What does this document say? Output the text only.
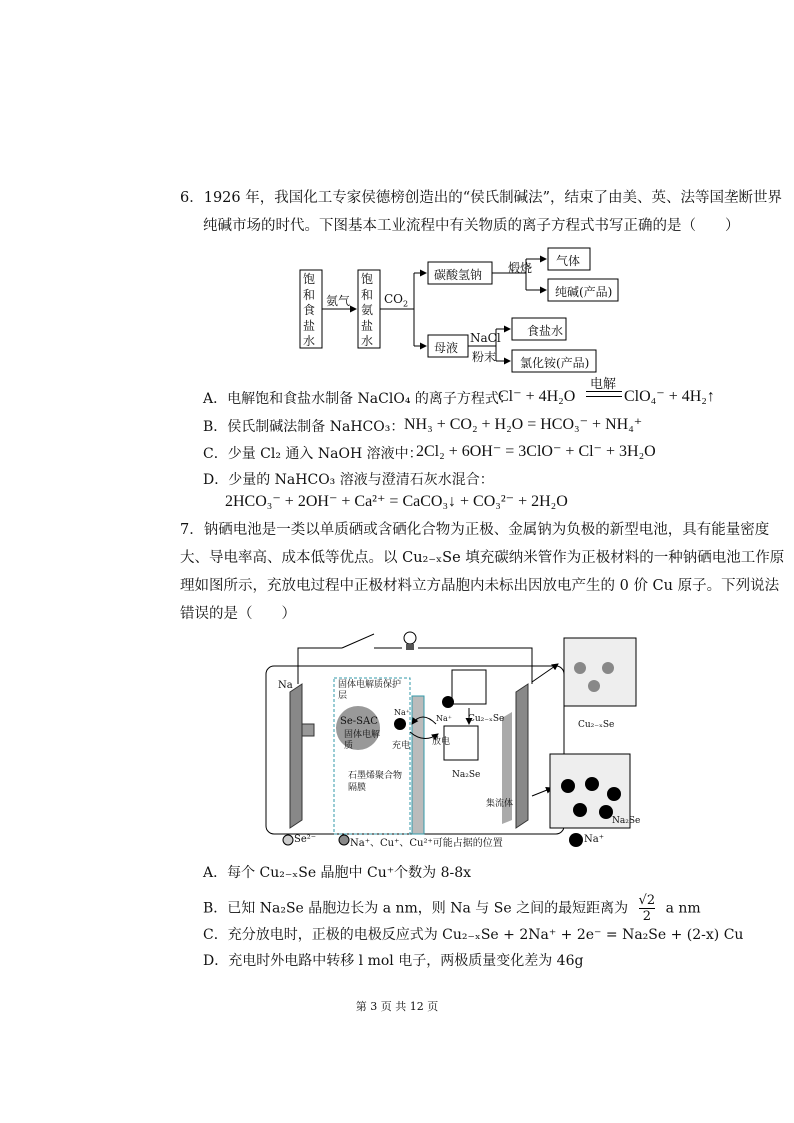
6．1926 年，我国化工专家侯德榜创造出的“侯氏制碱法”，结束了由美、英、法等国垄断世界
纯碱市场的时代。下图基本工业流程中有关物质的离子方程式书写正确的是（　　）
饱和食盐水
饱和氨盐水
氨气	$CO_2$
碳酸氢钠 煅烧 气体
纯碱(产品)
母液
NaCl
粉末
食盐水
氯化铵(产品)
A．电解饱和食盐水制备 NaClO₄ 的离子方程式：
Cl⁻ + 4H₂O
电解
ClO₄⁻ + 4H₂↑
B．侯氏制碱法制备 NaHCO₃： NH₃ + CO₂ + H₂O = HCO₃⁻ + NH₄⁺
C．少量 Cl₂ 通入 NaOH 溶液中：
2Cl₂ + 6OH⁻ = 3ClO⁻ + Cl⁻ + 3H₂O
D．少量的 NaHCO₃ 溶液与澄清石灰水混合：
2HCO₃⁻ + 2OH⁻ + Ca²⁺ = CaCO₃↓ + CO₃²⁻ + 2H₂O
7．钠硒电池是一类以单质硒或含硒化合物为正极、金属钠为负极的新型电池，具有能量密度
大、导电率高、成本低等优点。以 Cu₂₋ₓSe 填充碳纳米管作为正极材料的一种钠硒电池工作原
理如图所示，充放电过程中正极材料立方晶胞内未标出因放电产生的 0 价 Cu 原子。下列说法
错误的是（　　）
Na	固体电解质保护层
Se-SAC
固体电解质
Na⁺
Na⁺ Cu₂₋ₓSe
充电 放电
石墨烯聚合物隔膜
Na₂Se
集流体
Cu₂₋ₓSe
Na₂Se
Se²⁻	Na⁺、Cu⁺、Cu²⁺可能占据的位置	Na⁺
A．每个 Cu₂₋ₓSe 晶胞中 Cu⁺个数为 8-8x
B．已知 Na₂Se 晶胞边长为 a nm，则 Na 与 Se 之间的最短距离为 $\frac{√2}{2}$ a nm
C．充分放电时，正极的电极反应式为 Cu₂₋ₓSe + 2Na⁺ + 2e⁻ = Na₂Se + (2-x) Cu
D．充电时外电路中转移 l mol 电子，两极质量变化差为 46g
第 3 页 共 12 页
